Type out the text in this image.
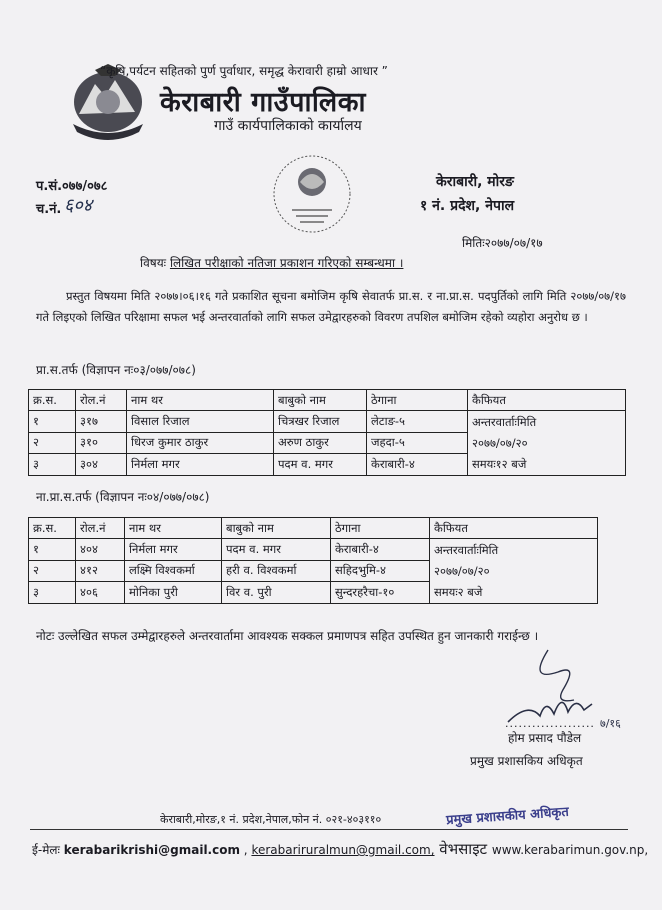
“कृषि,पर्यटन सहितको पुर्ण पुर्वाधार, समृद्ध केरावारी हाम्रो आधार ”
केराबारी गाउँपालिका
गाउँ कार्यपालिकाको कार्यालय
प.सं.०७७/०७८
च.नं. ६०४
केराबारी, मोरङ
१ नं. प्रदेश, नेपाल
मितिः२०७७/०७/१७
विषयः लिखित परीक्षाको नतिजा प्रकाशन गरिएको सम्बन्धमा ।
प्रस्तुत विषयमा मिति २०७७।०६।१६ गते प्रकाशित सूचना बमोजिम कृषि सेवातर्फ प्रा.स. र ना.प्रा.स. पदपुर्तिको लागि मिति २०७७/०७/१७ गते लिइएको लिखित परिक्षामा सफल भई अन्तरवार्ताको लागि सफल उमेद्वारहरुको विवरण तपशिल बमोजिम रहेको व्यहोरा अनुरोध छ ।
प्रा.स.तर्फ (विज्ञापन नः०३/०७७/०७८)
क्र.स.	रोल.नं	नाम थर	बाबुको नाम	ठेगाना	कैफियत
१	३१७	विसाल रिजाल	चित्रखर रिजाल	लेटाङ-५	अन्तरवार्ताःमिति
२०७७/०७/२०
समयः१२ बजे

२	३१०	धिरज कुमार ठाकुर	अरुण ठाकुर	जहदा-५	
३	३०४	निर्मला मगर	पदम व. मगर	केराबारी-४	
ना.प्रा.स.तर्फ (विज्ञापन नः०४/०७७/०७८)
क्र.स.	रोल.नं	नाम थर	बाबुको नाम	ठेगाना	कैफियत
१	४०४	निर्मला मगर	पदम व. मगर	केराबारी-४	अन्तरवार्ताःमिति
२०७७/०७/२०
समयः२ बजे

२	४१२	लक्ष्मि विश्वकर्मा	हरी व. विश्वकर्मा	सहिदभुमि-४	
३	४०६	मोनिका पुरी	विर व. पुरी	सुन्दरहरैचा-१०	
नोटः उल्लेखित सफल उम्मेद्वारहरुले अन्तरवार्तामा आवश्यक सक्कल प्रमाणपत्र सहित उपस्थित हुन जानकारी गराईन्छ ।
७/१६
....................
होम प्रसाद पौडेल
प्रमुख प्रशासकिय अधिकृत
केराबारी,मोरङ,१ नं. प्रदेश,नेपाल,फोन नं. ०२१-४०३११०	प्रमुख प्रशासकीय अधिकृत
ई-मेलः kerabarikrishi@gmail.com , kerabariruralmun@gmail.com, वेभसाइट www.kerabarimun.gov.np,
